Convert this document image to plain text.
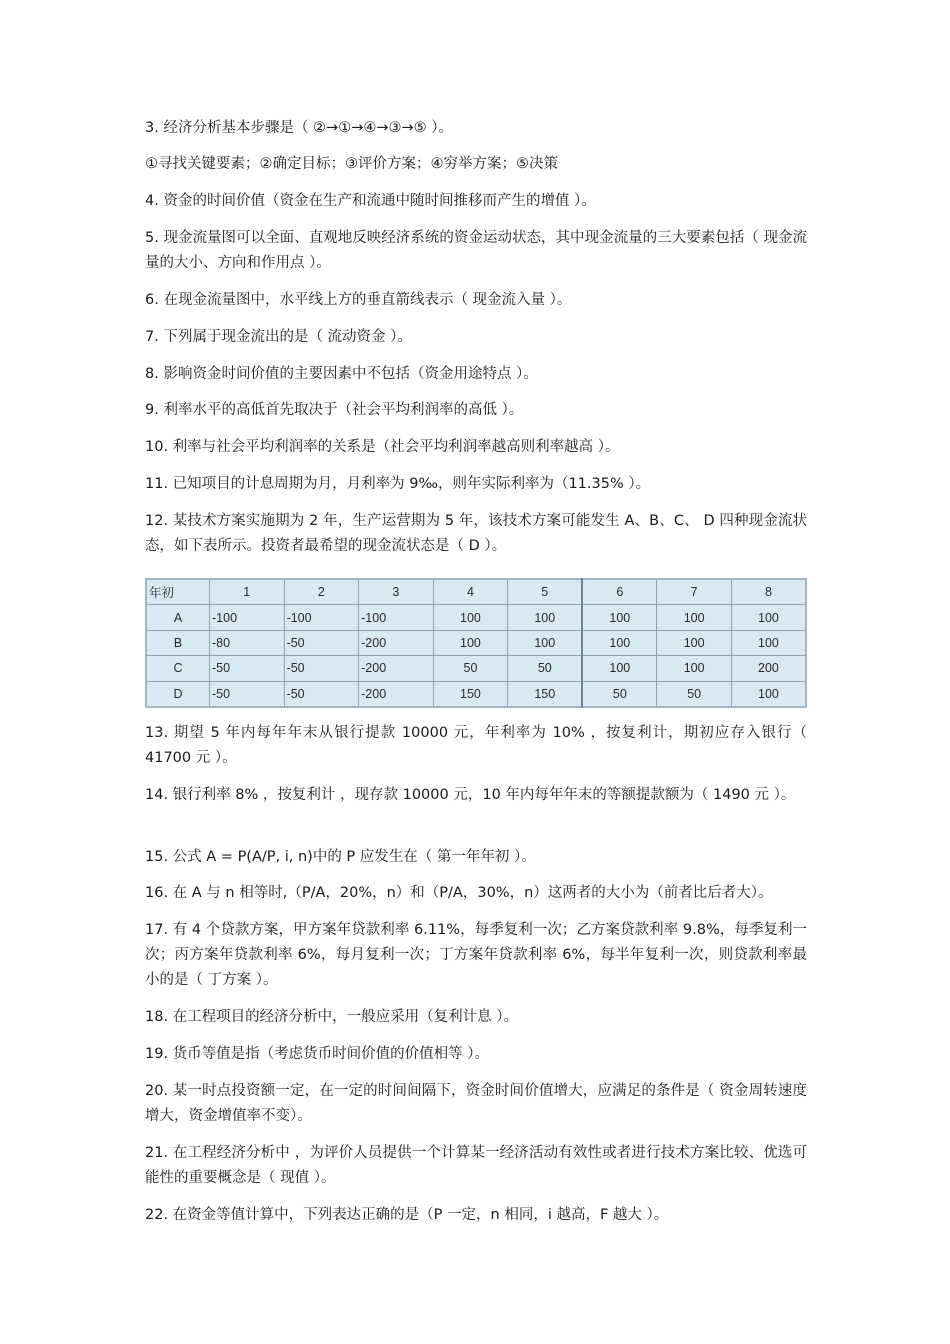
3. 经济分析基本步骤是（ ②→①→④→③→⑤ ）。

①寻找关键要素；②确定目标；③评价方案；④穷举方案；⑤决策

4. 资金的时间价值（资金在生产和流通中随时间推移而产生的增值 ）。

5. 现金流量图可以全面、直观地反映经济系统的资金运动状态，其中现金流量的三大要素包括（ 现金流量的大小、方向和作用点 ）。

6. 在现金流量图中，水平线上方的垂直箭线表示（ 现金流入量 ）。

7. 下列属于现金流出的是（ 流动资金 ）。

8. 影响资金时间价值的主要因素中不包括（资金用途特点 ）。

9. 利率水平的高低首先取决于（社会平均利润率的高低 ）。

10. 利率与社会平均利润率的关系是（社会平均利润率越高则利率越高 ）。

11. 已知项目的计息周期为月，月利率为 9‰，则年实际利率为（11.35% ）。

12. 某技术方案实施期为 2 年，生产运营期为 5 年，该技术方案可能发生 A、B、C、 D 四种现金流状态，如下表所示。投资者最希望的现金流状态是（ D ）。

年初	1	2	3	4	5	6	7	8
A	-100	-100	-100	100	100	100	100	100
B	-80	-50	-200	100	100	100	100	100
C	-50	-50	-200	50	50	100	100	200
D	-50	-50	-200	150	150	50	50	100

13. 期望 5 年内每年年末从银行提款 10000 元，年利率为 10% ，按复利计，期初应存入银行（ 41700 元 ）。

14. 银行利率 8% ，按复利计 ，现存款 10000 元，10 年内每年年末的等额提款额为（ 1490 元 ）。

15. 公式 A = P(A/P, i, n)中的 P 应发生在（ 第一年年初 ）。

16. 在 A 与 n 相等时,（P/A，20%，n）和（P/A，30%，n）这两者的大小为（前者比后者大）。

17. 有 4 个贷款方案，甲方案年贷款利率 6.11%，每季复利一次；乙方案贷款利率 9.8%，每季复利一次；丙方案年贷款利率 6%，每月复利一次；丁方案年贷款利率 6%，每半年复利一次，则贷款利率最小的是（ 丁方案 ）。

18. 在工程项目的经济分析中，一般应采用（复利计息 ）。

19. 货币等值是指（考虑货币时间价值的价值相等 ）。

20. 某一时点投资额一定，在一定的时间间隔下，资金时间价值增大，应满足的条件是（ 资金周转速度增大，资金增值率不变）。

21. 在工程经济分析中 ，为评价人员提供一个计算某一经济活动有效性或者进行技术方案比较、优选可能性的重要概念是（ 现值 ）。

22. 在资金等值计算中，下列表达正确的是（P 一定，n 相同，i 越高，F 越大 ）。
